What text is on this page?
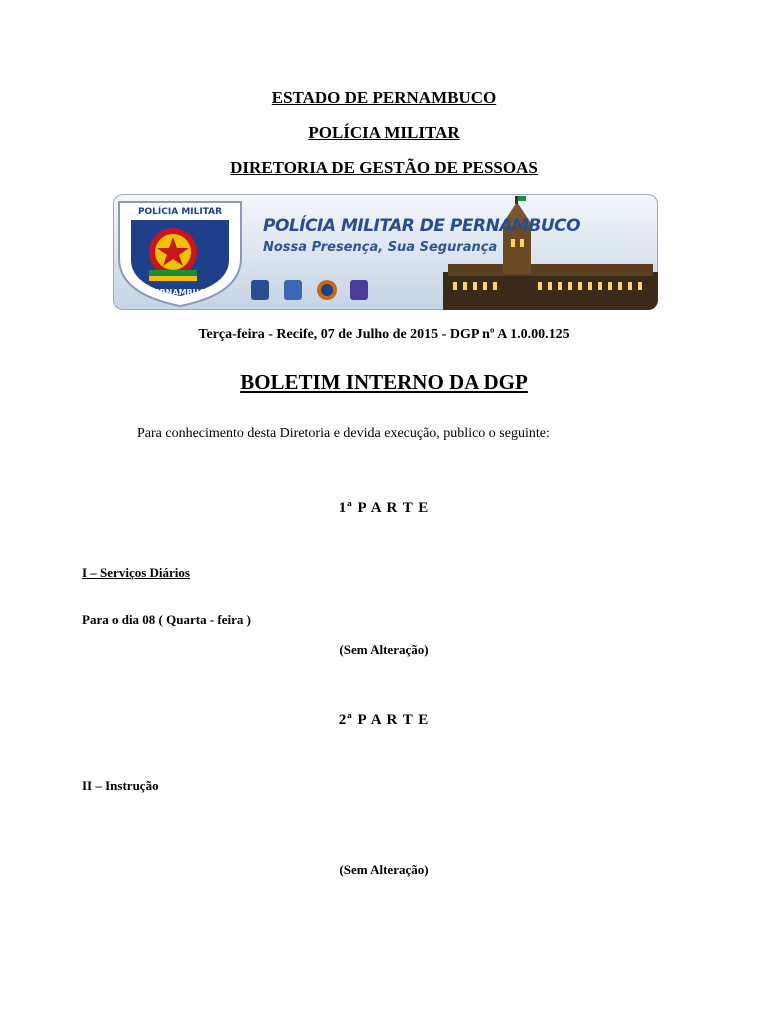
ESTADO DE PERNAMBUCO
POLÍCIA MILITAR
DIRETORIA DE GESTÃO DE PESSOAS
POLÍCIA MILITAR
PERNAMBUCO
POLÍCIA MILITAR DE PERNAMBUCO
Nossa Presença, Sua Segurança
Terça-feira - Recife, 07 de Julho de 2015 - DGP nº A 1.0.00.125
BOLETIM INTERNO DA DGP
Para conhecimento desta Diretoria e devida execução, publico o seguinte:
1ª P A R T E
I – Serviços Diários
Para o dia 08 ( Quarta - feira )
(Sem Alteração)
2ª P A R T E
II – Instrução
(Sem Alteração)
